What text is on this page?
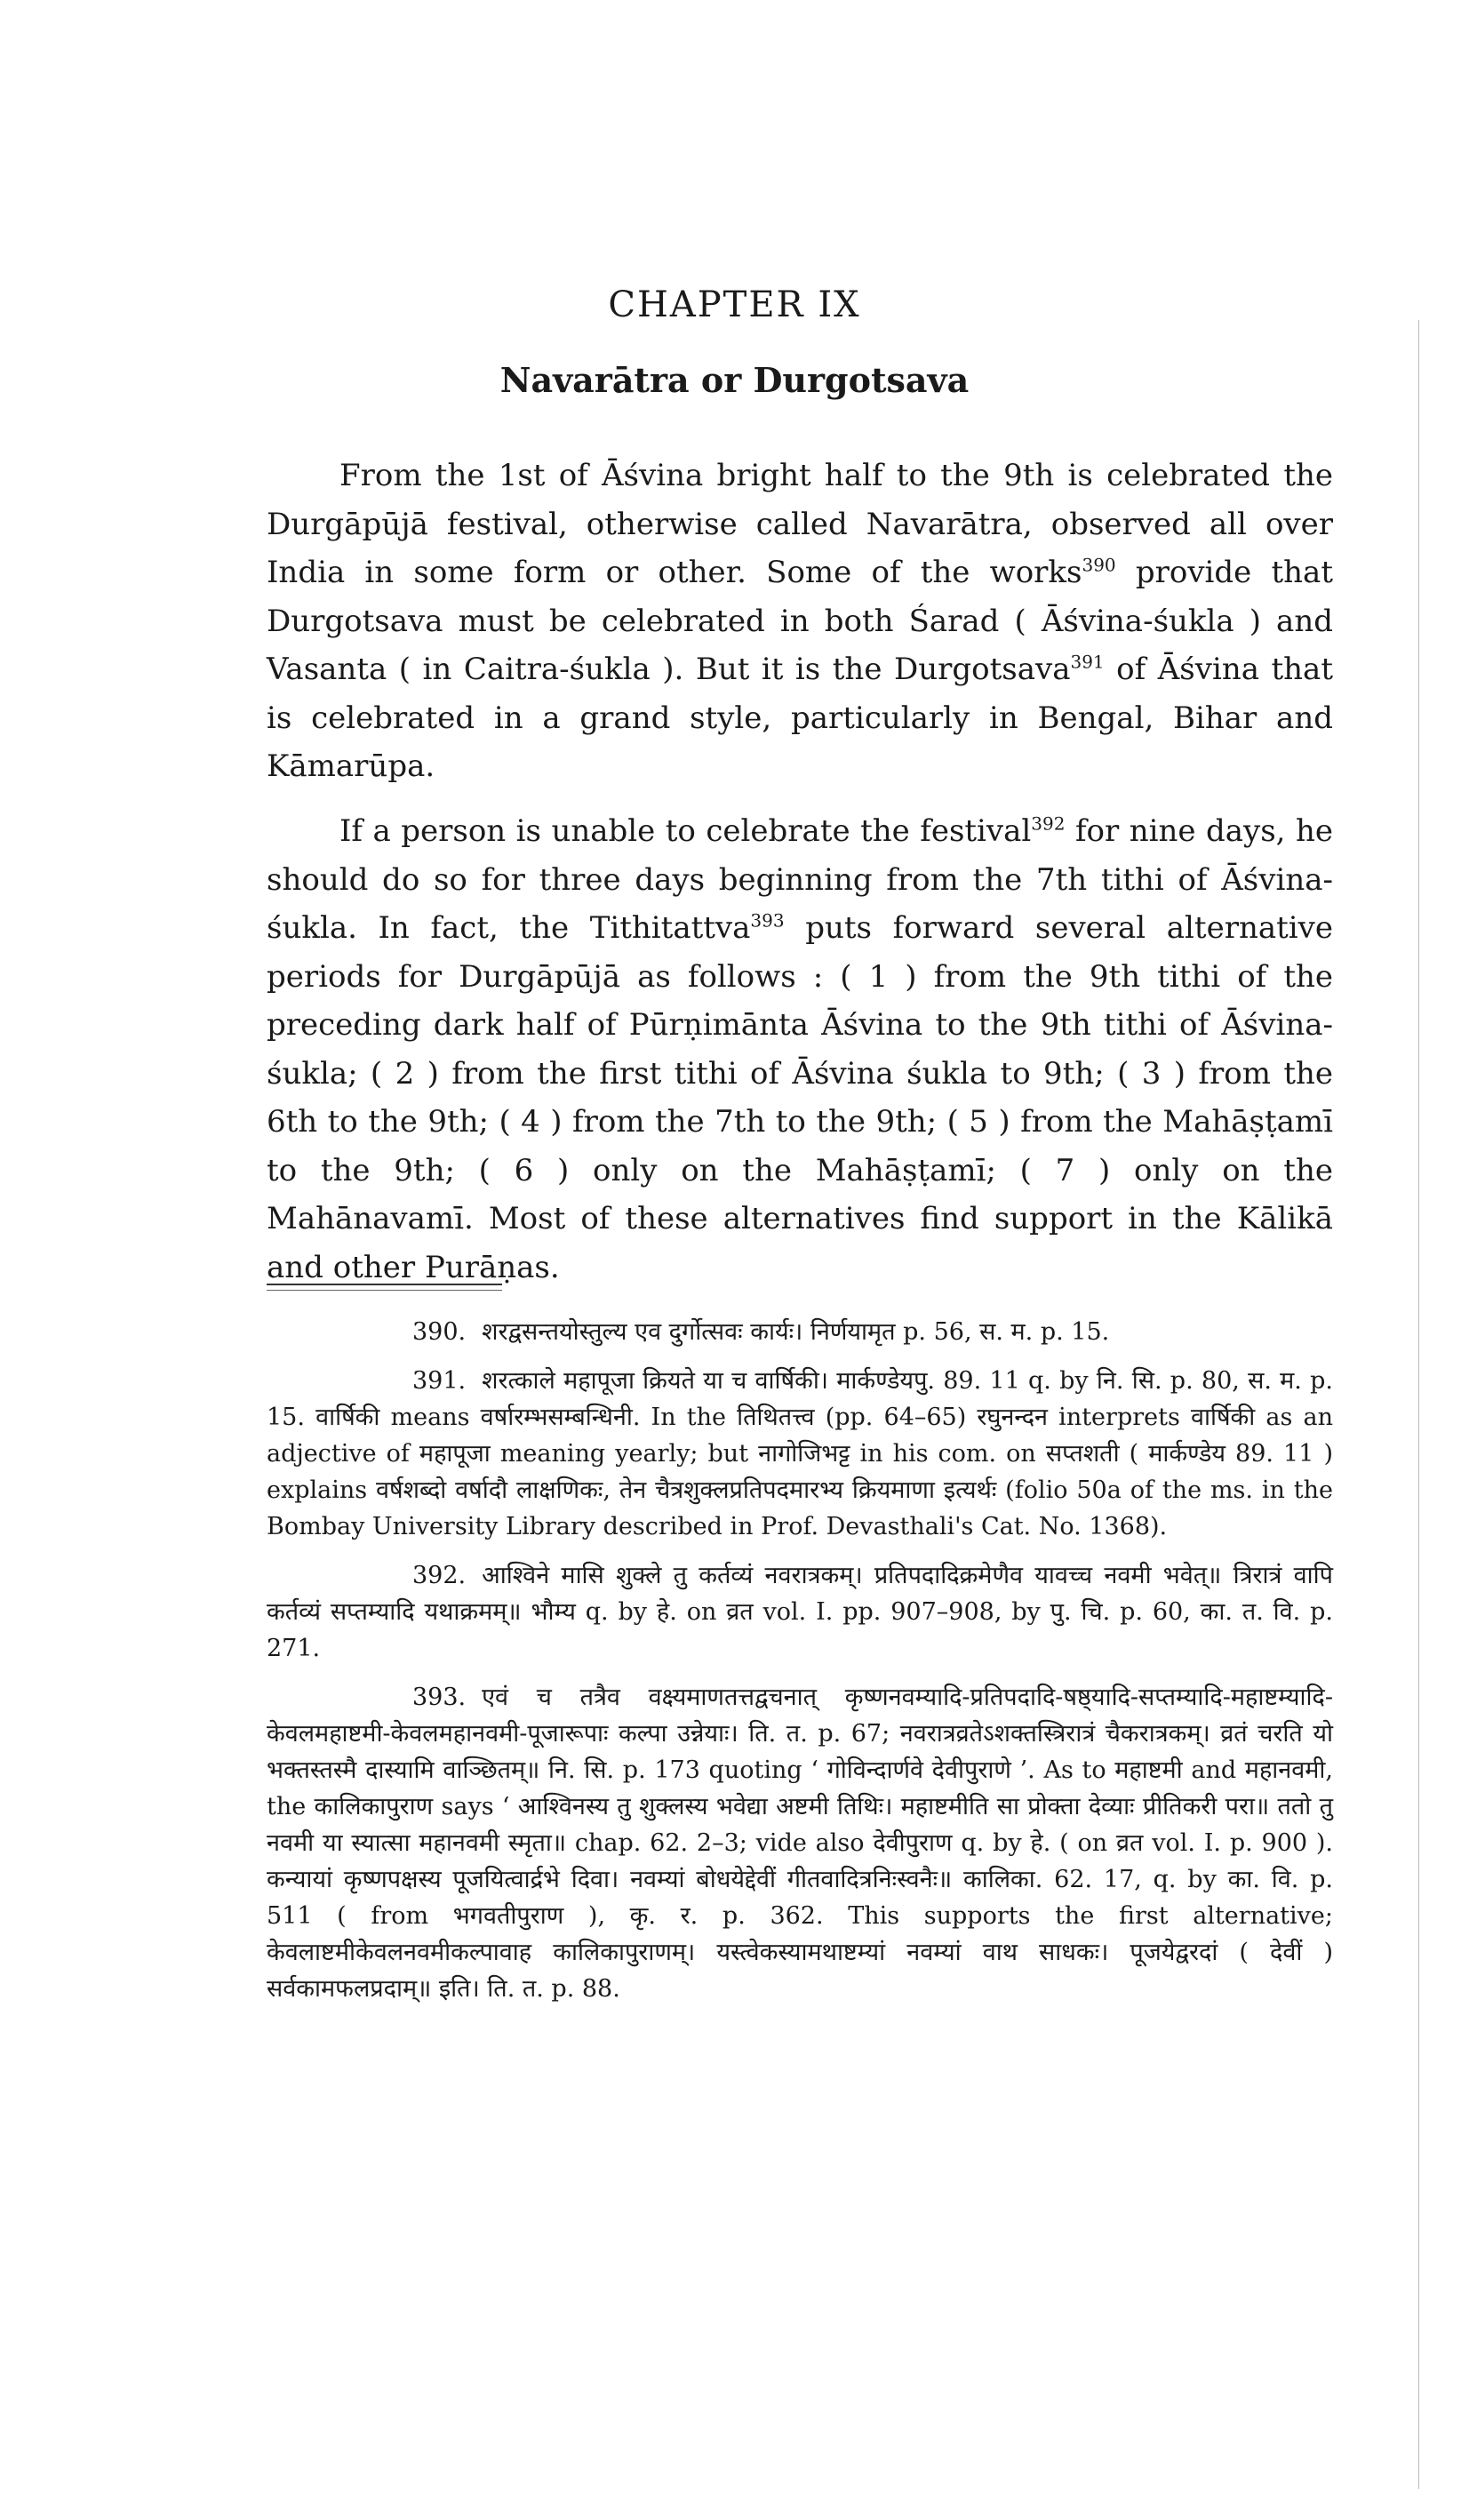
CHAPTER IX
Navarātra or Durgotsava

From the 1st of Āśvina bright half to the 9th is celebrated the Durgāpūjā festival, otherwise called Navarātra, observed all over India in some form or other. Some of the works$^{390}$ provide that Durgotsava must be celebrated in both Śarad ( Āśvina-śukla ) and Vasanta ( in Caitra-śukla ). But it is the Durgotsava$^{391}$ of Āśvina that is celebrated in a grand style, particularly in Bengal, Bihar and Kāmarūpa.

If a person is unable to celebrate the festival$^{392}$ for nine days, he should do so for three days beginning from the 7th tithi of Āśvina-śukla. In fact, the Tithitattva$^{393}$ puts forward several alternative periods for Durgāpūjā as follows : ( 1 ) from the 9th tithi of the preceding dark half of Pūrṇimānta Āśvina to the 9th tithi of Āśvina-śukla; ( 2 ) from the first tithi of Āśvina śukla to 9th; ( 3 ) from the 6th to the 9th; ( 4 ) from the 7th to the 9th; ( 5 ) from the Mahāṣṭamī to the 9th; ( 6 ) only on the Mahāṣṭamī; ( 7 ) only on the Mahānavamī. Most of these alternatives find support in the Kālikā and other Purāṇas.

390. शरद्वसन्तयोस्तुल्य एव दुर्गोत्सवः कार्यः। निर्णयामृत p. 56, स. म. p. 15.

391. शरत्काले महापूजा क्रियते या च वार्षिकी। मार्कण्डेयपु. 89. 11 q. by नि. सि. p. 80, स. म. p. 15. वार्षिकी means वर्षारम्भसम्बन्धिनी. In the तिथितत्त्व (pp. 64–65) रघुनन्दन interprets वार्षिकी as an adjective of महापूजा meaning yearly; but नागोजिभट्ट in his com. on सप्तशती ( मार्कण्डेय 89. 11 ) explains वर्षशब्दो वर्षादौ लाक्षणिकः, तेन चैत्रशुक्लप्रतिपदमारभ्य क्रियमाणा इत्यर्थः (folio 50a of the ms. in the Bombay University Library described in Prof. Devasthali's Cat. No. 1368).

392. आश्विने मासि शुक्ले तु कर्तव्यं नवरात्रकम्। प्रतिपदादिक्रमेणैव यावच्च नवमी भवेत्॥ त्रिरात्रं वापि कर्तव्यं सप्तम्यादि यथाक्रमम्॥ भौम्य q. by हे. on व्रत vol. I. pp. 907–908, by पु. चि. p. 60, का. त. वि. p. 271.

393. एवं च तत्रैव वक्ष्यमाणतत्तद्वचनात् कृष्णनवम्यादि-प्रतिपदादि-षष्ठ्यादि-सप्तम्यादि-महाष्टम्यादि-केवलमहाष्टमी-केवलमहानवमी-पूजारूपाः कल्पा उन्नेयाः। ति. त. p. 67; नवरात्रव्रतेऽशक्तस्त्रिरात्रं चैकरात्रकम्। व्रतं चरति यो भक्तस्तस्मै दास्यामि वाञ्छितम्॥ नि. सि. p. 173 quoting ‘ गोविन्दार्णवे देवीपुराणे ’. As to महाष्टमी and महानवमी, the कालिकापुराण says ‘ आश्विनस्य तु शुक्लस्य भवेद्या अष्टमी तिथिः। महाष्टमीति सा प्रोक्ता देव्याः प्रीतिकरी परा॥ ततो तु नवमी या स्यात्सा महानवमी स्मृता॥ chap. 62. 2–3; vide also देवीपुराण q. by हे. ( on व्रत vol. I. p. 900 ). कन्यायां कृष्णपक्षस्य पूजयित्वार्द्रभे दिवा। नवम्यां बोधयेद्देवीं गीतवादित्रनिःस्वनैः॥ कालिका. 62. 17, q. by का. वि. p. 511 ( from भगवतीपुराण ), कृ. र. p. 362. This supports the first alternative; केवलाष्टमीकेवलनवमीकल्पावाह कालिकापुराणम्। यस्त्वेकस्यामथाष्टम्यां नवम्यां वाथ साधकः। पूजयेद्वरदां ( देवीं ) सर्वकामफलप्रदाम्॥ इति। ति. त. p. 88.
